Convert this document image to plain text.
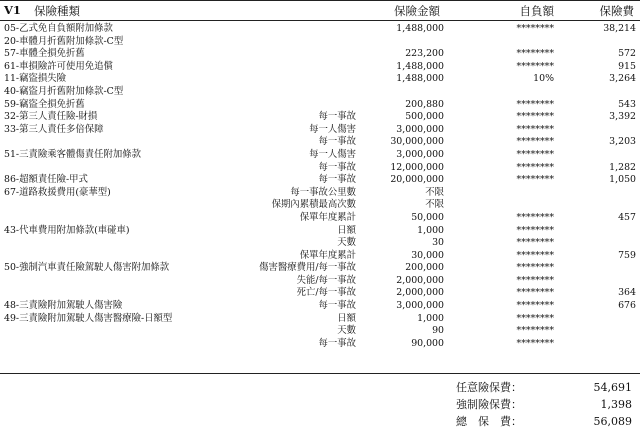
V1 保險種類	保險金額	自負額	保險費
05-乙式免自負額附加條款	1,488,000	********	38,214
20-車體月折舊附加條款-C型
57-車體全損免折舊	223,200	********	572
61-車損險許可使用免追償	1,488,000	********	915
11-竊盜損失險	1,488,000	10%	3,264
40-竊盜月折舊附加條款-C型
59-竊盜全損免折舊	200,880	********	543
32-第三人責任險-財損	每一事故	500,000	********	3,392
33-第三人責任多倍保障	每一人傷害	3,000,000	********
每一事故	30,000,000	********	3,203
51-三責險乘客體傷責任附加條款	每一人傷害	3,000,000	********
每一事故	12,000,000	********	1,282
86-超額責任險-甲式	每一事故	20,000,000	********	1,050
67-道路救援費用(豪華型)	每一事故公里數	不限
保期內累積最高次數	不限
保單年度累計	50,000	********	457
43-代車費用附加條款(車碰車)	日額	1,000	********
天數	30	********
保單年度累計	30,000	********	759
50-強制汽車責任險駕駛人傷害附加條款	傷害醫療費用/每一事故	200,000	********
失能/每一事故	2,000,000	********
死亡/每一事故	2,000,000	********	364
48-三責險附加駕駛人傷害險	每一事故	3,000,000	********	676
49-三責險附加駕駛人傷害醫療險-日額型	日額	1,000	********
天數	90	********
每一事故	90,000	********
任意險保費：	54,691
強制險保費：	1,398
總　保　費：	56,089
